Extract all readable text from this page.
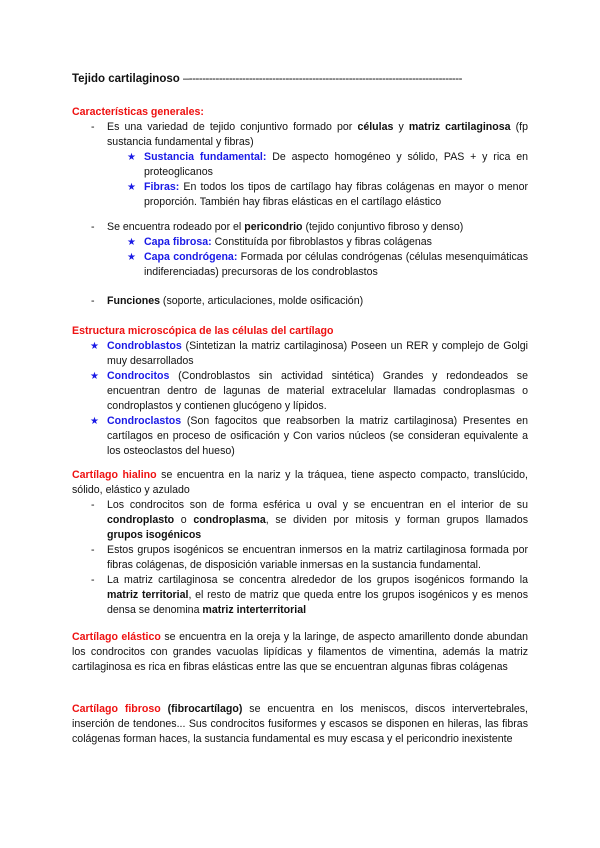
Tejido cartilaginoso –----------------------------------------------------------------------------------
Características generales:
- Es una variedad de tejido conjuntivo formado por células y matriz cartilaginosa (fp sustancia fundamental y fibras)
★ Sustancia fundamental: De aspecto homogéneo y sólido, PAS + y rica en proteoglicanos
★ Fibras: En todos los tipos de cartílago hay fibras colágenas en mayor o menor proporción. También hay fibras elásticas en el cartílago elástico
- Se encuentra rodeado por el pericondrio (tejido conjuntivo fibroso y denso)
★ Capa fibrosa: Constituída por fibroblastos y fibras colágenas
★ Capa condrógena: Formada por células condrógenas (células mesenquimáticas indiferenciadas) precursoras de los condroblastos
- Funciones (soporte, articulaciones, molde osificación)
Estructura microscópica de las células del cartílago
★ Condroblastos (Sintetizan la matriz cartilaginosa) Poseen un RER y complejo de Golgi muy desarrollados
★ Condrocitos (Condroblastos sin actividad sintética) Grandes y redondeados se encuentran dentro de lagunas de material extracelular llamadas condroplasmas o condroplastos y contienen glucógeno y lípidos.
★ Condroclastos (Son fagocitos que reabsorben la matriz cartilaginosa) Presentes en cartílagos en proceso de osificación y Con varios núcleos (se consideran equivalente a los osteoclastos del hueso)
Cartílago hialino se encuentra en la nariz y la tráquea, tiene aspecto compacto, translúcido, sólido, elástico y azulado
- Los condrocitos son de forma esférica u oval y se encuentran en el interior de su condroplasto o condroplasma, se dividen por mitosis y forman grupos llamados grupos isogénicos
- Estos grupos isogénicos se encuentran inmersos en la matriz cartilaginosa formada por fibras colágenas, de disposición variable inmersas en la sustancia fundamental.
- La matriz cartilaginosa se concentra alrededor de los grupos isogénicos formando la matriz territorial, el resto de matriz que queda entre los grupos isogénicos y es menos densa se denomina matriz interterritorial
Cartílago elástico se encuentra en la oreja y la laringe, de aspecto amarillento donde abundan los condrocitos con grandes vacuolas lipídicas y filamentos de vimentina, además la matriz cartilaginosa es rica en fibras elásticas entre las que se encuentran algunas fibras colágenas
Cartílago fibroso (fibrocartílago) se encuentra en los meniscos, discos intervertebrales, inserción de tendones... Sus condrocitos fusiformes y escasos se disponen en hileras, las fibras colágenas forman haces, la sustancia fundamental es muy escasa y el pericondrio inexistente
